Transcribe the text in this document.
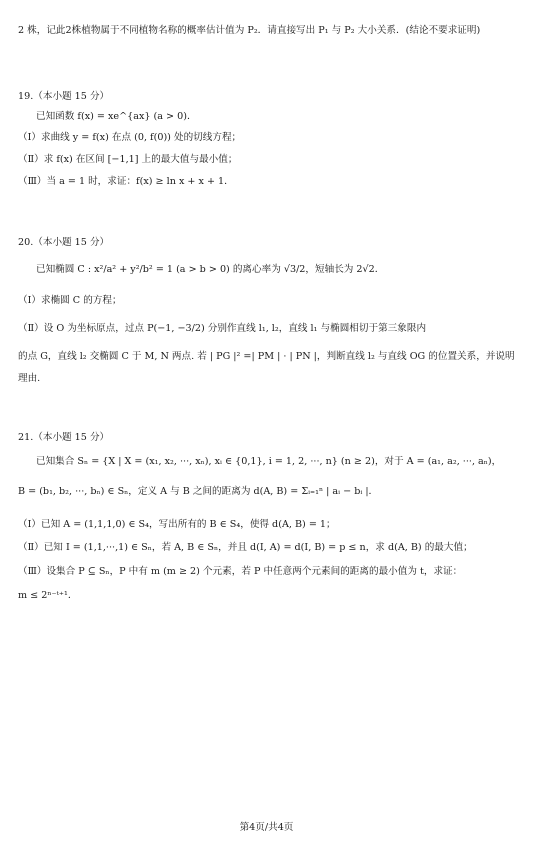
2 株，记此2株植物属于不同植物名称的概率估计值为 P₂．请直接写出 P₁ 与 P₂ 大小关系．(结论不要求证明)
19.（本小题 15 分）
已知函数 f(x) = xe^{ax} (a > 0)．
（Ⅰ）求曲线 y = f(x) 在点 (0, f(0)) 处的切线方程；
（Ⅱ）求 f(x) 在区间 [−1,1] 上的最大值与最小值；
（Ⅲ）当 a = 1 时，求证：f(x) ≥ ln x + x + 1．
20.（本小题 15 分）
已知椭圆 C : x²/a² + y²/b² = 1 (a > b > 0) 的离心率为 √3/2，短轴长为 2√2．
（Ⅰ）求椭圆 C 的方程；
（Ⅱ）设 O 为坐标原点，过点 P(−1, −3/2) 分别作直线 l₁, l₂，直线 l₁ 与椭圆相切于第三象限内
的点 G，直线 l₂ 交椭圆 C 于 M, N 两点. 若 | PG |² =| PM | · | PN |，判断直线 l₂ 与直线 OG 的位置关系，并说明
理由.
21.（本小题 15 分）
已知集合 Sₙ = {X | X = (x₁, x₂, ···, xₙ), xᵢ ∈ {0,1}, i = 1, 2, ···, n} (n ≥ 2)，对于 A = (a₁, a₂, ···, aₙ)，
B = (b₁, b₂, ···, bₙ) ∈ Sₙ，定义 A 与 B 之间的距离为 d(A, B) = Σᵢ₌₁ⁿ | aᵢ − bᵢ |．
（Ⅰ）已知 A = (1,1,1,0) ∈ S₄，写出所有的 B ∈ S₄，使得 d(A, B) = 1；
（Ⅱ）已知 I = (1,1,···,1) ∈ Sₙ，若 A, B ∈ Sₙ，并且 d(I, A) = d(I, B) = p ≤ n，求 d(A, B) 的最大值；
（Ⅲ）设集合 P ⊆ Sₙ，P 中有 m (m ≥ 2) 个元素，若 P 中任意两个元素间的距离的最小值为 t，求证：
m ≤ 2ⁿ⁻ᵗ⁺¹．
第4页/共4页
